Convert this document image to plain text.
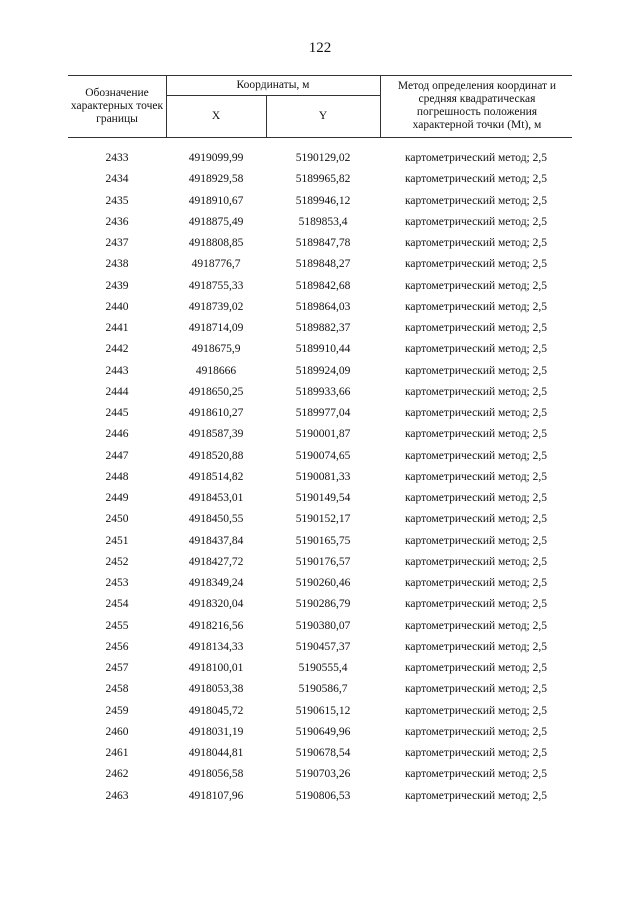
122
Обозначение характерных точек границы
Координаты, м
X	Y
Метод определения координат и средняя квадратическая погрешность положения характерной точки (Mt), м
2433	4919099,99	5190129,02	картометрический метод; 2,5
2434	4918929,58	5189965,82	картометрический метод; 2,5
2435	4918910,67	5189946,12	картометрический метод; 2,5
2436	4918875,49	5189853,4	картометрический метод; 2,5
2437	4918808,85	5189847,78	картометрический метод; 2,5
2438	4918776,7	5189848,27	картометрический метод; 2,5
2439	4918755,33	5189842,68	картометрический метод; 2,5
2440	4918739,02	5189864,03	картометрический метод; 2,5
2441	4918714,09	5189882,37	картометрический метод; 2,5
2442	4918675,9	5189910,44	картометрический метод; 2,5
2443	4918666	5189924,09	картометрический метод; 2,5
2444	4918650,25	5189933,66	картометрический метод; 2,5
2445	4918610,27	5189977,04	картометрический метод; 2,5
2446	4918587,39	5190001,87	картометрический метод; 2,5
2447	4918520,88	5190074,65	картометрический метод; 2,5
2448	4918514,82	5190081,33	картометрический метод; 2,5
2449	4918453,01	5190149,54	картометрический метод; 2,5
2450	4918450,55	5190152,17	картометрический метод; 2,5
2451	4918437,84	5190165,75	картометрический метод; 2,5
2452	4918427,72	5190176,57	картометрический метод; 2,5
2453	4918349,24	5190260,46	картометрический метод; 2,5
2454	4918320,04	5190286,79	картометрический метод; 2,5
2455	4918216,56	5190380,07	картометрический метод; 2,5
2456	4918134,33	5190457,37	картометрический метод; 2,5
2457	4918100,01	5190555,4	картометрический метод; 2,5
2458	4918053,38	5190586,7	картометрический метод; 2,5
2459	4918045,72	5190615,12	картометрический метод; 2,5
2460	4918031,19	5190649,96	картометрический метод; 2,5
2461	4918044,81	5190678,54	картометрический метод; 2,5
2462	4918056,58	5190703,26	картометрический метод; 2,5
2463	4918107,96	5190806,53	картометрический метод; 2,5
